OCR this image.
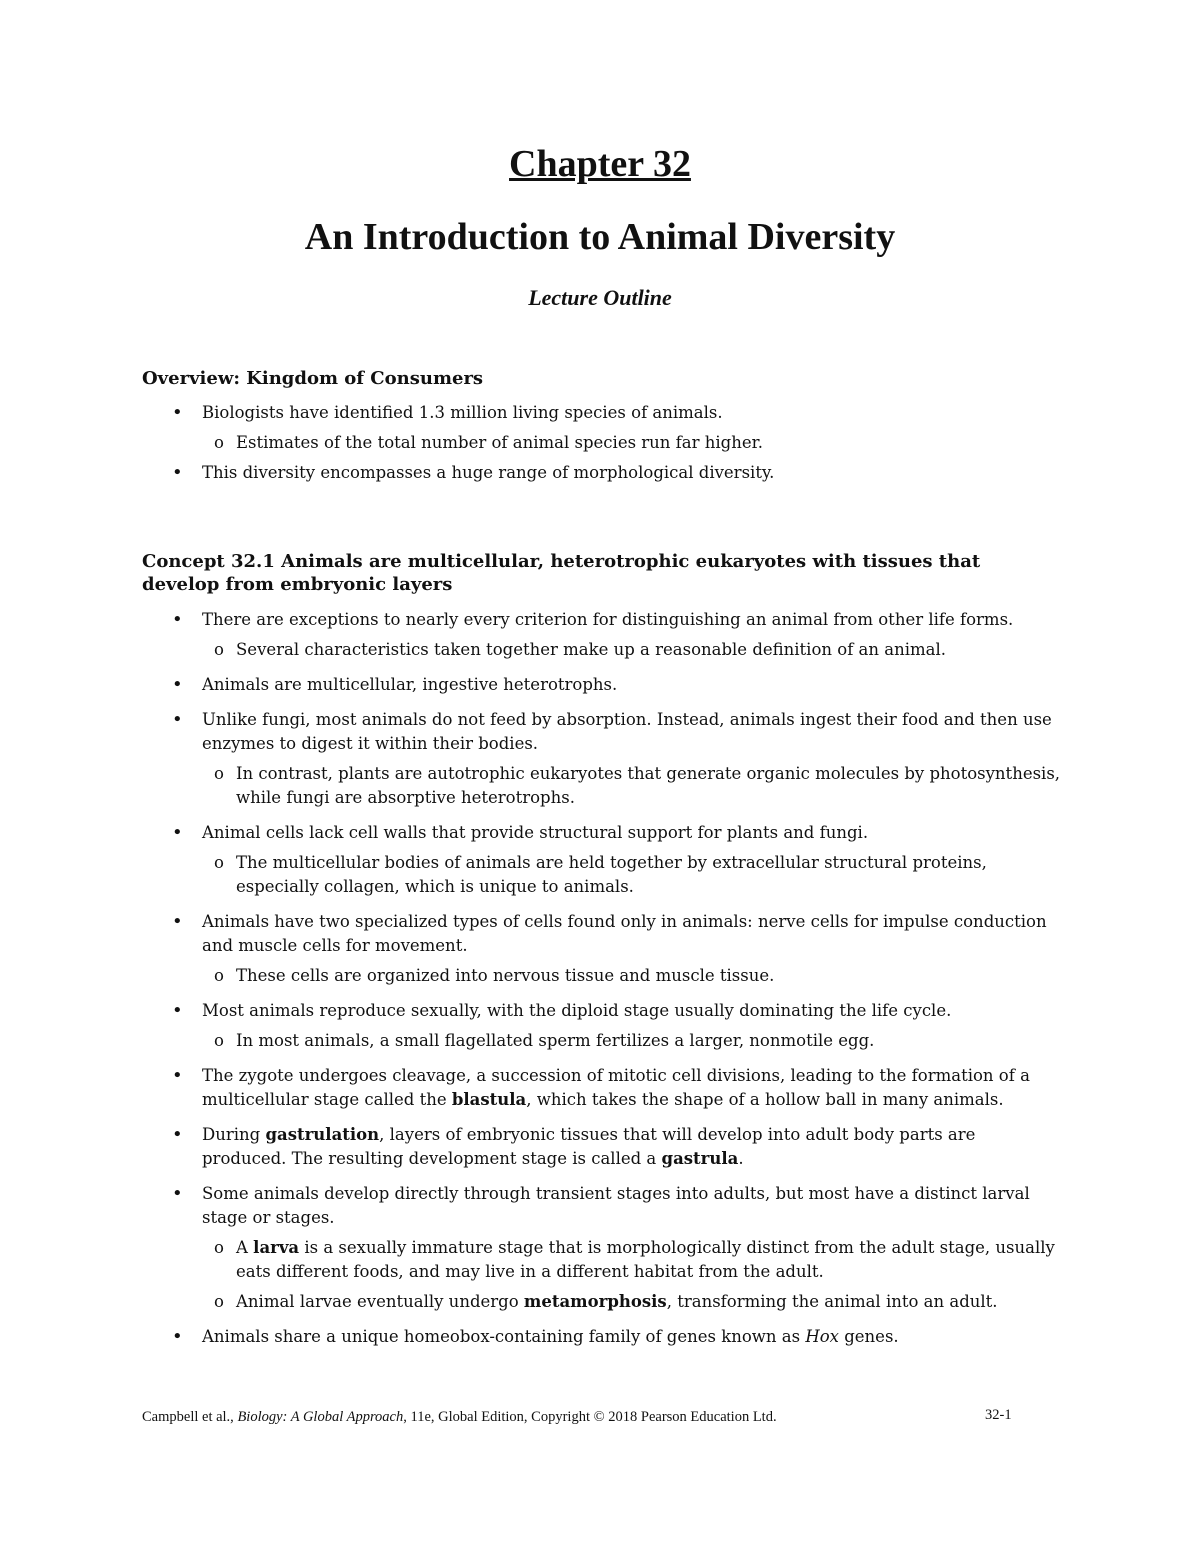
Chapter 32
An Introduction to Animal Diversity
Lecture Outline
Overview: Kingdom of Consumers
• Biologists have identified 1.3 million living species of animals.
o Estimates of the total number of animal species run far higher.
• This diversity encompasses a huge range of morphological diversity.
Concept 32.1 Animals are multicellular, heterotrophic eukaryotes with tissues that develop from embryonic layers
• There are exceptions to nearly every criterion for distinguishing an animal from other life forms.
o Several characteristics taken together make up a reasonable definition of an animal.
• Animals are multicellular, ingestive heterotrophs.
• Unlike fungi, most animals do not feed by absorption. Instead, animals ingest their food and then use enzymes to digest it within their bodies.
o In contrast, plants are autotrophic eukaryotes that generate organic molecules by photosynthesis, while fungi are absorptive heterotrophs.
• Animal cells lack cell walls that provide structural support for plants and fungi.
o The multicellular bodies of animals are held together by extracellular structural proteins, especially collagen, which is unique to animals.
• Animals have two specialized types of cells found only in animals: nerve cells for impulse conduction and muscle cells for movement.
o These cells are organized into nervous tissue and muscle tissue.
• Most animals reproduce sexually, with the diploid stage usually dominating the life cycle.
o In most animals, a small flagellated sperm fertilizes a larger, nonmotile egg.
• The zygote undergoes cleavage, a succession of mitotic cell divisions, leading to the formation of a multicellular stage called the blastula, which takes the shape of a hollow ball in many animals.
• During gastrulation, layers of embryonic tissues that will develop into adult body parts are produced. The resulting development stage is called a gastrula.
• Some animals develop directly through transient stages into adults, but most have a distinct larval stage or stages.
o A larva is a sexually immature stage that is morphologically distinct from the adult stage, usually eats different foods, and may live in a different habitat from the adult.
o Animal larvae eventually undergo metamorphosis, transforming the animal into an adult.
• Animals share a unique homeobox-containing family of genes known as Hox genes.
Campbell et al., Biology: A Global Approach, 11e, Global Edition, Copyright © 2018 Pearson Education Ltd.	32-1
